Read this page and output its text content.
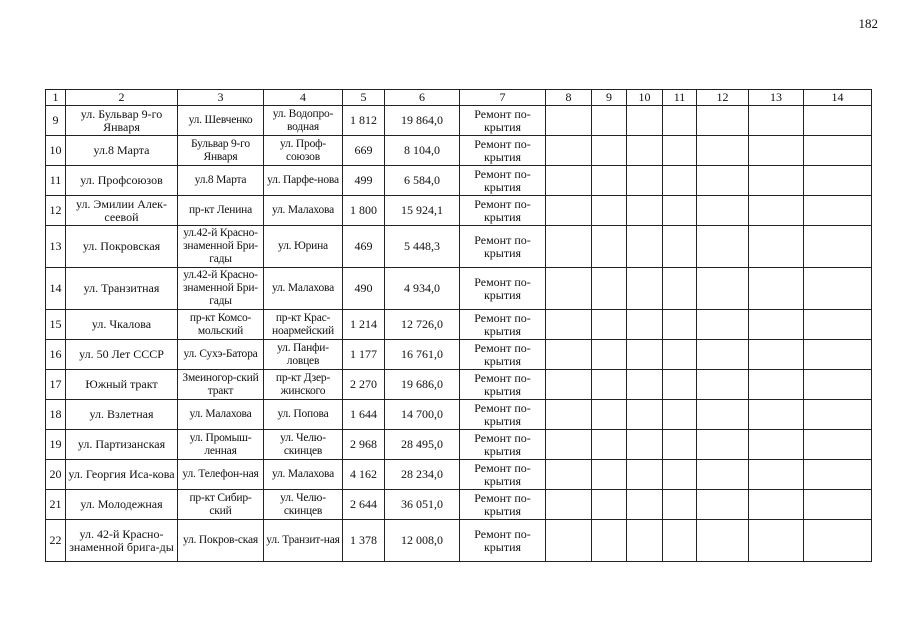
182
1	2	3	4	5	6	7	8	9	10	11	12	13	14
9	ул. Бульвар 9-го Января	ул. Шевченко	ул. Водопро-водная	1 812	19 864,0	Ремонт по-крытия							
10	ул.8 Марта	Бульвар 9-го Января	ул. Проф-союзов	669	8 104,0	Ремонт по-крытия							
11	ул. Профсоюзов	ул.8 Марта	ул. Парфе-нова	499	6 584,0	Ремонт по-крытия							
12	ул. Эмилии Алек-сеевой	пр-кт Ленина	ул. Малахова	1 800	15 924,1	Ремонт по-крытия							
13	ул. Покровская	ул.42-й Красно-знаменной Бри-гады	ул. Юрина	469	5 448,3	Ремонт по-крытия							
14	ул. Транзитная	ул.42-й Красно-знаменной Бри-гады	ул. Малахова	490	4 934,0	Ремонт по-крытия							
15	ул. Чкалова	пр-кт Комсо-мольский	пр-кт Крас-ноармейский	1 214	12 726,0	Ремонт по-крытия							
16	ул. 50 Лет СССР	ул. Сухэ-Батора	ул. Панфи-ловцев	1 177	16 761,0	Ремонт по-крытия							
17	Южный тракт	Змеиногор-ский тракт	пр-кт Дзер-жинского	2 270	19 686,0	Ремонт по-крытия							
18	ул. Взлетная	ул. Малахова	ул. Попова	1 644	14 700,0	Ремонт по-крытия							
19	ул. Партизанская	ул. Промыш-ленная	ул. Челю-скинцев	2 968	28 495,0	Ремонт по-крытия							
20	ул. Георгия Иса-кова	ул. Телефон-ная	ул. Малахова	4 162	28 234,0	Ремонт по-крытия							
21	ул. Молодежная	пр-кт Сибир-ский	ул. Челю-скинцев	2 644	36 051,0	Ремонт по-крытия							
22	ул. 42-й Красно-знаменной брига-ды	ул. Покров-ская	ул. Транзит-ная	1 378	12 008,0	Ремонт по-крытия							
